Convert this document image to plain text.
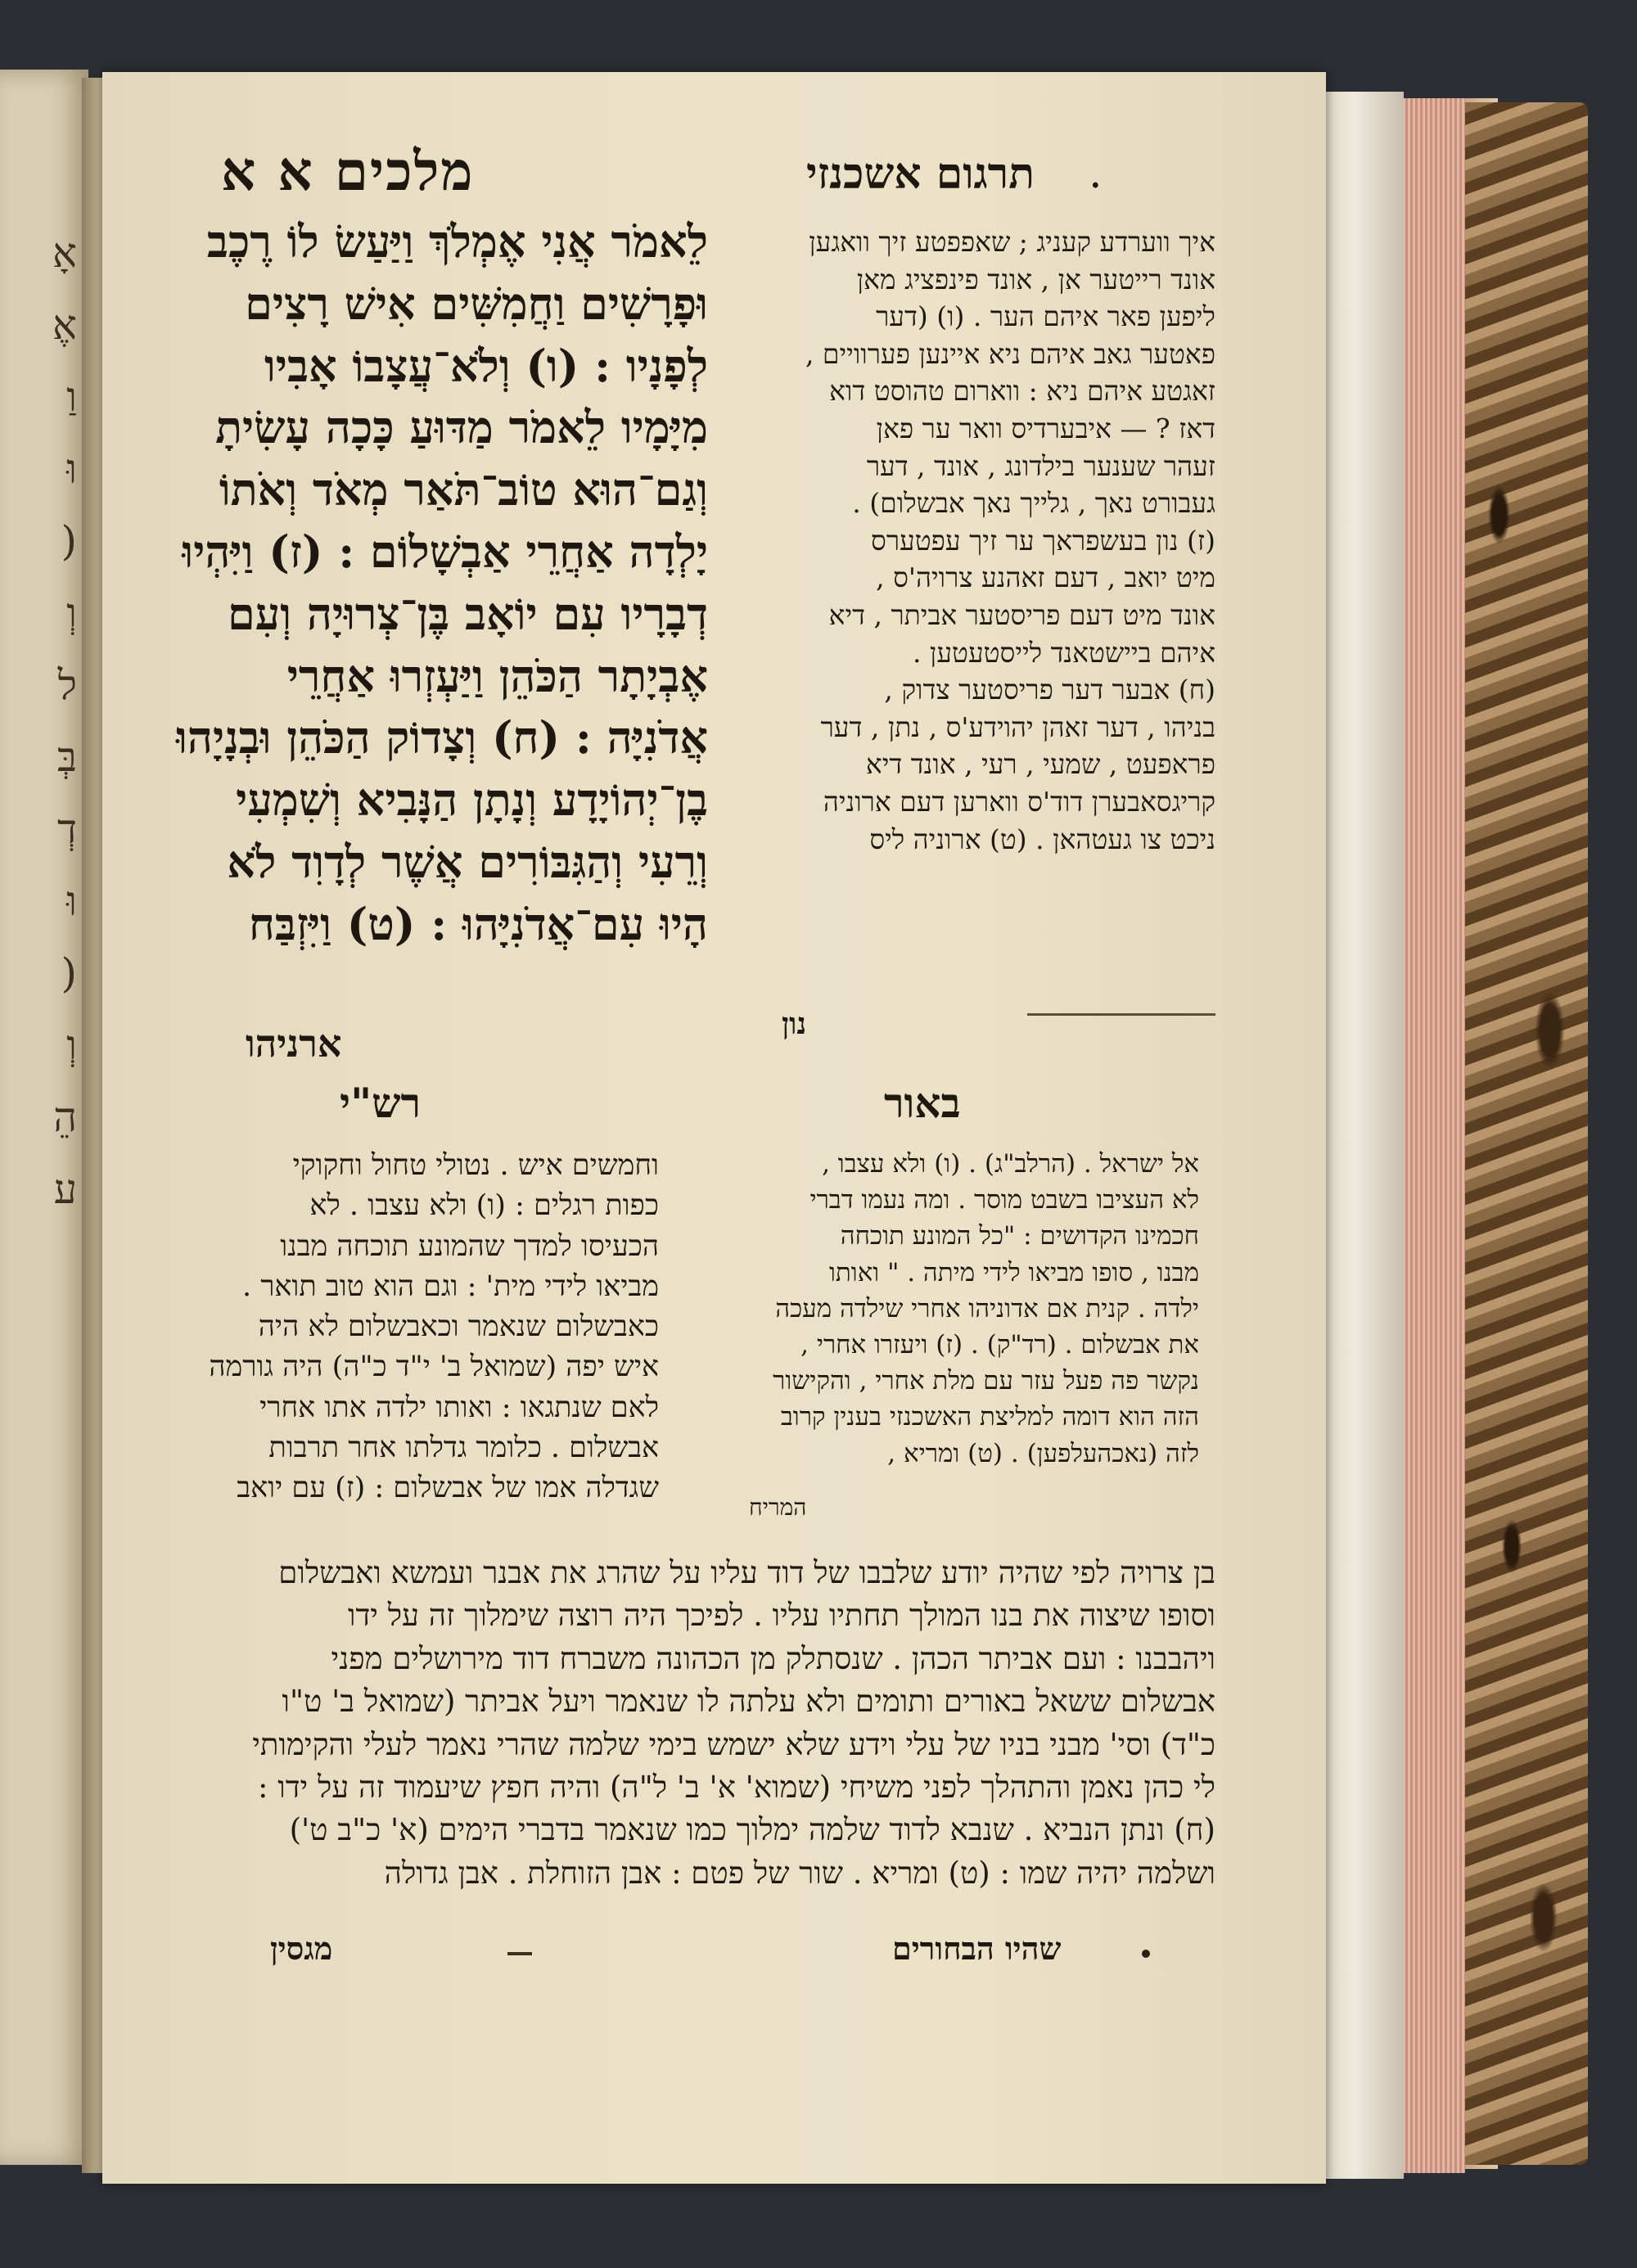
אָ
אֶ
וַ
וּ
(
וְ
ל
בְּ
דְ
וּ
(
וְ
הֵ
ע
מלכים א א	תרגום אשכנזי .
לֵאמֹר אֲנִי אֶמְלֹךְ וַיַּעַשׂ לוֹ רֶכֶב
וּפָרָשִׁים וַחֲמִשִּׁים אִישׁ רָצִים
לְפָנָיו : (ו) וְלֹא־עֲצָבוֹ אָבִיו
מִיָּמָיו לֵאמֹר מַדּוּעַ כָּכָה עָשִׂיתָ
וְגַם־הוּא טוֹב־תֹּאַר מְאֹד וְאֹתוֹ
יָלְדָה אַחֲרֵי אַבְשָׁלוֹם : (ז) וַיִּהְיוּ
דְבָרָיו עִם יוֹאָב בֶּן־צְרוּיָה וְעִם
אֶבְיָתָר הַכֹּהֵן וַיַּעְזְרוּ אַחֲרֵי
אֲדֹנִיָּה : (ח) וְצָדוֹק הַכֹּהֵן וּבְנָיָהוּ
בֶן־יְהוֹיָדָע וְנָתָן הַנָּבִיא וְשִׁמְעִי
וְרֵעִי וְהַגִּבּוֹרִים אֲשֶׁר לְדָוִד לֹא
הָיוּ עִם־אֲדֹנִיָּהוּ : (ט) וַיִּזְבַּח
ארניהו
איך ווערדע קעניג ; שאפפטע זיך וואגען
אונד רייטער אן , אונד פינפציג מאן
ליפען פאר איהם הער . (ו) (דער
פאטער גאב איהם ניא איינען פערוויים ,
זאגטע איהם ניא : ווארום טהוסט דוא
דאז ? — איבערדיס וואר ער פאן
זעהר שענער בילדונג , אונד , דער
געבורט נאך , גלייך נאך אבשלום) .
(ז) נון בעשפראך ער זיך עפטערס
מיט יואב , דעם זאהנע צרויה'ס ,
אונד מיט דעם פריסטער אביתר , דיא
איהם ביישטאנד לייסטעטען .
(ח) אבער דער פריסטער צדוק ,
בניהו , דער זאהן יהוידע'ס , נתן , דער
פראפעט , שמעי , רעי , אונד דיא
קריגסאבערן דוד'ס ווארען דעם ארוניה
ניכט צו געטהאן . (ט) ארוניה ליס
נון
רש"י	באור
וחמשים איש . נטולי טחול וחקוקי
כפות רגלים : (ו) ולא עצבו . לא
הכעיסו למדך שהמונע תוכחה מבנו
מביאו לידי מית' : וגם הוא טוב תואר .
כאבשלום שנאמר וכאבשלום לא היה
איש יפה (שמואל ב' י"ד כ"ה) היה גורמה
לאם שנתגאו : ואותו ילדה אתו אחרי
אבשלום . כלומר גדלתו אחר תרבות
שגדלה אמו של אבשלום : (ז) עם יואב
אל ישראל . (הרלב"ג) . (ו) ולא עצבו ,
לא העציבו בשבט מוסר . ומה נעמו דברי
חכמינו הקדושים : "כל המונע תוכחה
מבנו , סופו מביאו לידי מיתה . " ואותו
ילדה . קנית אם אדוניהו אחרי שילדה מעכה
את אבשלום . (רד"ק) . (ז) ויעזרו אחרי ,
נקשר פה פעל עזר עם מלת אחרי , והקישור
הזה הוא דומה למליצת האשכנזי בענין קרוב
לזה (נאכהעלפען) . (ט) ומריא ,
המריח
בן צרויה לפי שהיה יודע שלבבו של דוד עליו על שהרג את אבנר ועמשא ואבשלום
וסופו שיצוה את בנו המולך תחתיו עליו . לפיכך היה רוצה שימלוך זה על ידו
ויהבבנו : ועם אביתר הכהן . שנסתלק מן הכהונה משברח דוד מירושלים מפני
אבשלום ששאל באורים ותומים ולא עלתה לו שנאמר ויעל אביתר (שמואל ב' ט"ו
כ"ד) וסי' מבני בניו של עלי וידע שלא ישמש בימי שלמה שהרי נאמר לעלי והקימותי
לי כהן נאמן והתהלך לפני משיחי (שמוא' א' ב' ל"ה) והיה חפץ שיעמוד זה על ידו :
(ח) ונתן הנביא . שנבא לדוד שלמה ימלוך כמו שנאמר בדברי הימים (א' כ"ב ט')
ושלמה יהיה שמו : (ט) ומריא . שור של פטם : אבן הזוחלת . אבן גדולה
מגסין	שהיו הבחורים
